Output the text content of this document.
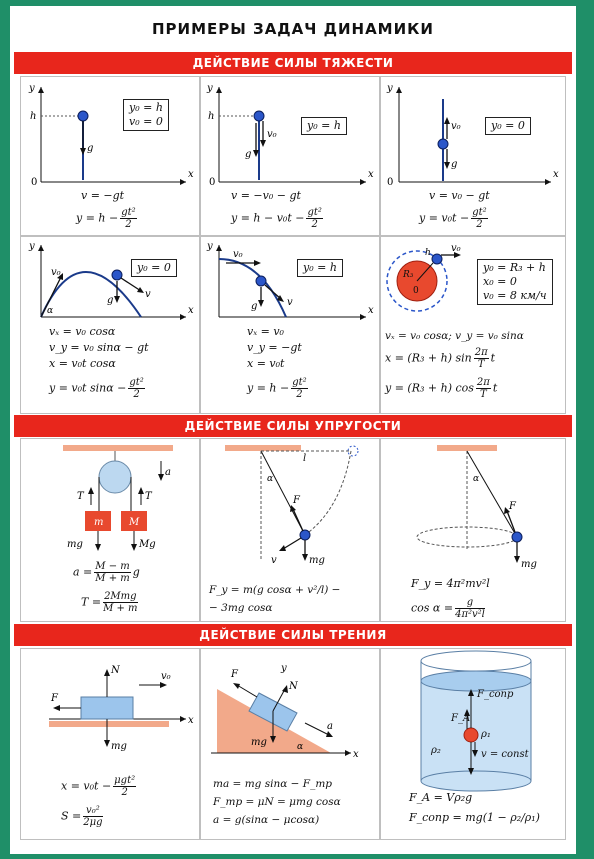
ПРИМЕРЫ ЗАДАЧ ДИНАМИКИ
ДЕЙСТВИЕ СИЛЫ ТЯЖЕСТИ
y
x
h
0
g
y₀ = h
v₀ = 0
v = −gt
$y = h - \frac{\text{gt²}}{2}$
y
x
h
0
v₀
g
y₀ = h
v = −v₀ − gt
$y = h - v_0t - \frac{\text{gt²}}{2}$
y
x
0
v₀
g
y₀ = 0
v = v₀ − gt
$y = v_0t - \frac{\text{gt²}}{2}$
y
x
v₀
α
g
v
y₀ = 0
vₓ = v₀ cosα
v_y = v₀ sinα − gt
x = v₀t cosα
y = v₀t $\sin\alpha - \frac{\text{gt²}}{2}$
y
x
v₀
g	v
y₀ = h
vₓ = v₀
v_y = −gt
x = v₀t
$y = h - \frac{\text{gt²}}{2}$
R₃
0
v₀
h
y₀ = R₃ + h
x₀ = 0
v₀ = 8 км/ч
vₓ = v₀ cosα; v_y = v₀ sinα
x = (R₃ + h) $\sin \frac{2\pi}{T}$ t
y = (R₃ + h) $\cos \frac{2\pi}{T}$ t
ДЕЙСТВИЕ СИЛЫ УПРУГОСТИ
T	T
mg	Mg
a
m	M
$a = \frac{M - m}{M + m}$ g
$T = \frac{\text{2Mmg}}{M + m}$
F
mg
v
α
l
F_y = m(g cosα + v²/l) −
− 3mg cosα
F
mg
α
F_y = 4π²mv²l
$\cos \alpha = \frac{g}{\text{4π²v²l}}$
ДЕЙСТВИЕ СИЛЫ ТРЕНИЯ
x
N
mg
F
v₀
$x = v_0t - \frac{\text{μgt²}}{2}$
$S = \frac{\text{v₀²}}{2\mu g}$
x
N
mg
F
a
α
y
ma = mg sinα − F_тр
F_тр = μN = μmg cosα
a = g(sinα − μcosα)
F_сопр
F_A
ρ₁
ρ₂	v = const
F_A = Vρ₂g
F_сопр = mg(1 − ρ₂/ρ₁)
